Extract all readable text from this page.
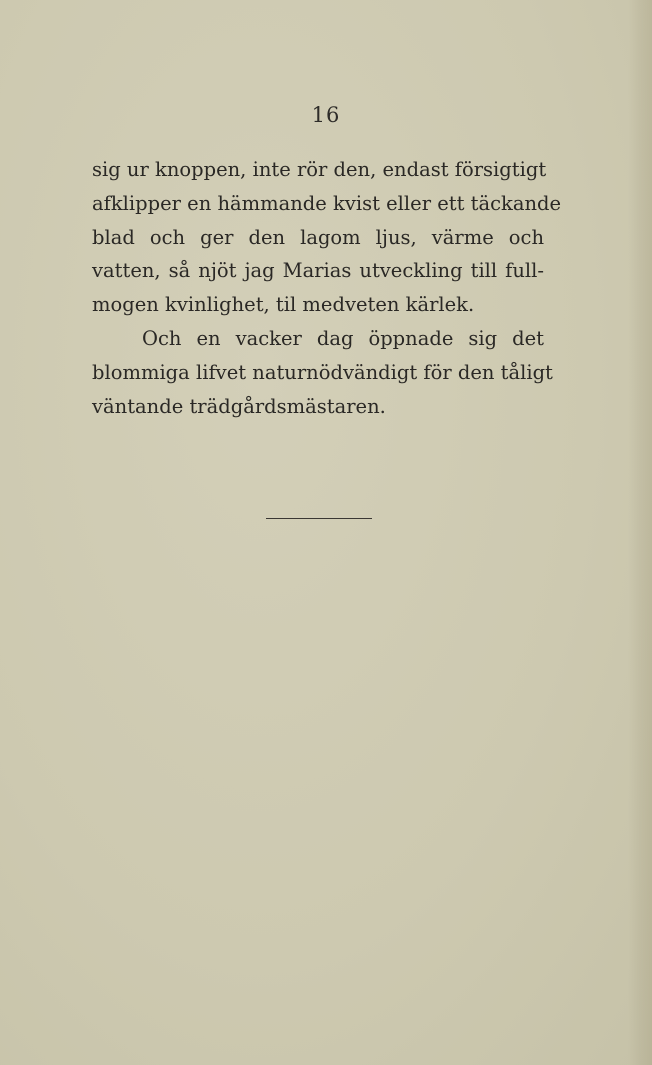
16
sig ur knoppen, inte rör den, endast försigtigt
afklipper en hämmande kvist eller ett täckande
blad och ger den lagom ljus, värme och
vatten, så njöt jag Marias utveckling till full-
mogen kvinlighet, til medveten kärlek.
Och en vacker dag öppnade sig det
blommiga lifvet naturnödvändigt för den tåligt
väntande trädgårdsmästaren.
